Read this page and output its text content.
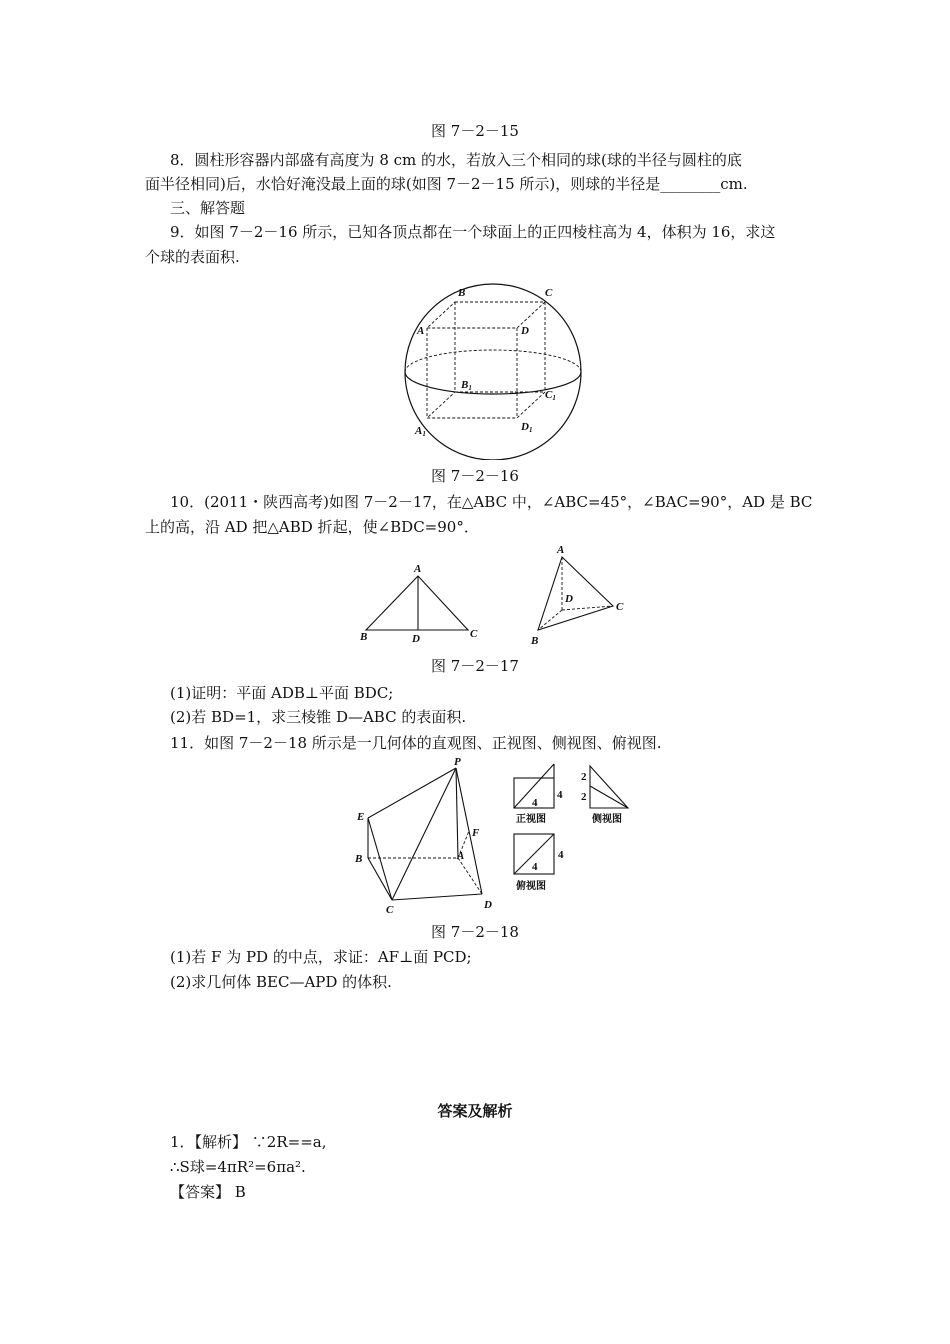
图 7－2－15
8．圆柱形容器内部盛有高度为 8 cm 的水，若放入三个相同的球(球的半径与圆柱的底
面半径相同)后，水恰好淹没最上面的球(如图 7－2－15 所示)，则球的半径是________cm.
三、解答题
9．如图 7－2－16 所示，已知各顶点都在一个球面上的正四棱柱高为 4，体积为 16，求这
个球的表面积.
B	C
A	D
B1
C1
A1
D1
图 7－2－16
10．(2011・陕西高考)如图 7－2－17，在△ABC 中，∠ABC=45°，∠BAC=90°，AD 是 BC
上的高，沿 AD 把△ABD 折起，使∠BDC=90°．
A
B	D	C
A
D
C
B
图 7－2－17
(1)证明：平面 ADB⊥平面 BDC;
(2)若 BD=1，求三棱锥 D—ABC 的表面积.
11．如图 7－2－18 所示是一几何体的直观图、正视图、侧视图、俯视图.
P
E
F
B	A
C	D
4
4
正视图
2
2
侧视图
4
4
俯视图
图 7－2－18
(1)若 F 为 PD 的中点，求证：AF⊥面 PCD;
(2)求几何体 BEC—APD 的体积.
答案及解析
1．【解析】 ∵2R==a,
∴S球=4πR²=6πa².
【答案】 B
